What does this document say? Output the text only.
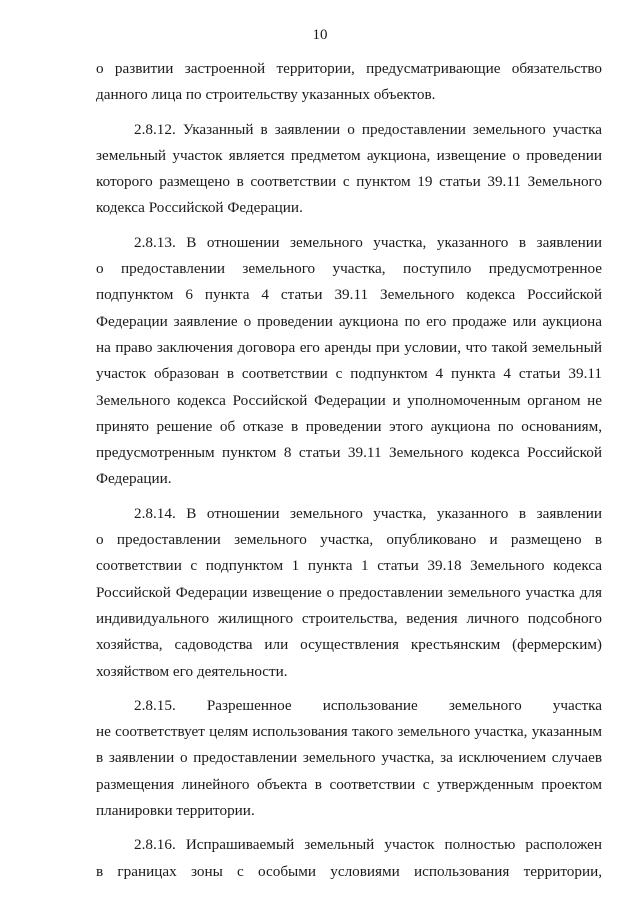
10

о развитии застроенной территории, предусматривающие обязательство

данного лица по строительству указанных объектов.

2.8.12. Указанный в заявлении о предоставлении земельного участка

земельный участок является предметом аукциона, извещение о проведении

которого размещено в соответствии с пунктом 19 статьи 39.11 Земельного

кодекса Российской Федерации.

2.8.13. В отношении земельного участка, указанного в заявлении

о предоставлении земельного участка, поступило предусмотренное

подпунктом 6 пункта 4 статьи 39.11 Земельного кодекса Российской

Федерации заявление о проведении аукциона по его продаже или аукциона

на право заключения договора его аренды при условии, что такой земельный

участок образован в соответствии с подпунктом 4 пункта 4 статьи 39.11

Земельного кодекса Российской Федерации и уполномоченным органом не

принято решение об отказе в проведении этого аукциона по основаниям,

предусмотренным пунктом 8 статьи 39.11 Земельного кодекса Российской

Федерации.

2.8.14. В отношении земельного участка, указанного в заявлении

о предоставлении земельного участка, опубликовано и размещено в

соответствии с подпунктом 1 пункта 1 статьи 39.18 Земельного кодекса

Российской Федерации извещение о предоставлении земельного участка для

индивидуального жилищного строительства, ведения личного подсобного

хозяйства, садоводства или осуществления крестьянским (фермерским)

хозяйством его деятельности.

2.8.15. Разрешенное использование земельного участка

не соответствует целям использования такого земельного участка, указанным

в заявлении о предоставлении земельного участка, за исключением случаев

размещения линейного объекта в соответствии с утвержденным проектом

планировки территории.

2.8.16. Испрашиваемый земельный участок полностью расположен

в границах зоны с особыми условиями использования территории,
